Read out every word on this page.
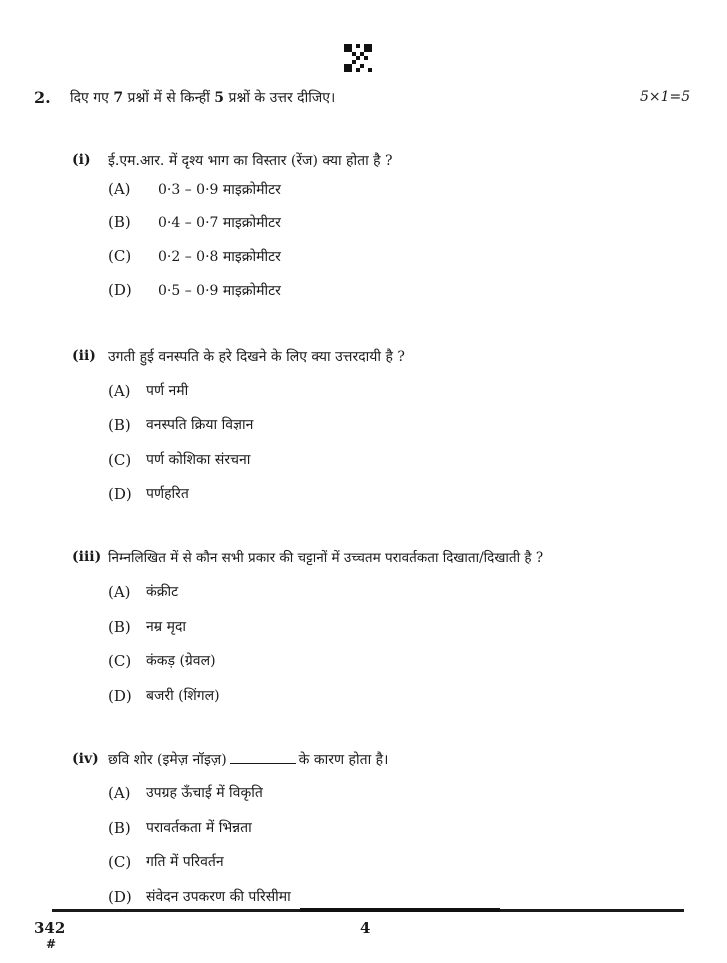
2. दिए गए 7 प्रश्नों में से किन्हीं 5 प्रश्नों के उत्तर दीजिए।	5×1=5
(i) ई.एम.आर. में दृश्य भाग का विस्तार (रेंज) क्या होता है ?
(A) 0·3 – 0·9 माइक्रोमीटर
(B) 0·4 – 0·7 माइक्रोमीटर
(C) 0·2 – 0·8 माइक्रोमीटर
(D) 0·5 – 0·9 माइक्रोमीटर
(ii) उगती हुई वनस्पति के हरे दिखने के लिए क्या उत्तरदायी है ?
(A) पर्ण नमी
(B) वनस्पति क्रिया विज्ञान
(C) पर्ण कोशिका संरचना
(D) पर्णहरित
(iii) निम्नलिखित में से कौन सभी प्रकार की चट्टानों में उच्चतम परावर्तकता दिखाता/दिखाती है ?
(A) कंक्रीट
(B) नम्र मृदा
(C) कंकड़ (ग्रेवल)
(D) बजरी (शिंगल)
(iv) छवि शोर (इमेज़ नॉइज़)	के कारण होता है।
(A) उपग्रह ऊँचाई में विकृति
(B) परावर्तकता में भिन्नता
(C) गति में परिवर्तन
(D) संवेदन उपकरण की परिसीमा
342
#
4
